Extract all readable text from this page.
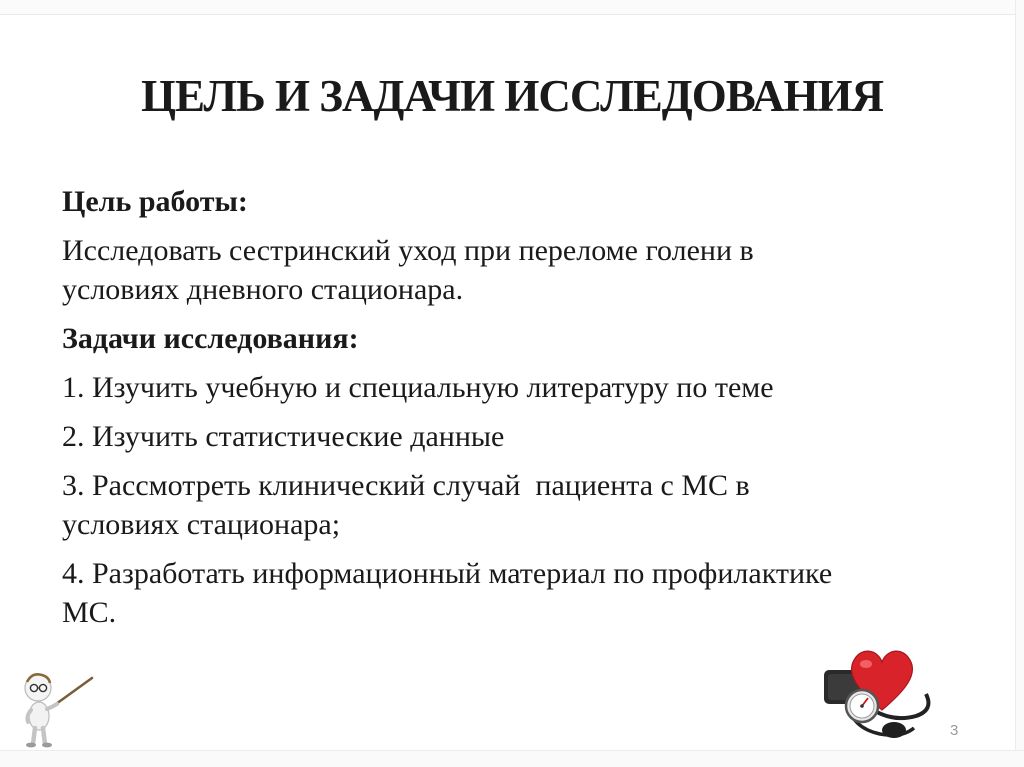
ЦЕЛЬ И ЗАДАЧИ ИССЛЕДОВАНИЯ

Цель работы:

Исследовать сестринский уход при переломе голени в
условиях дневного стационара.

Задачи исследования:

1. Изучить учебную и специальную литературу по теме

2. Изучить статистические данные

3. Рассмотреть клинический случай  пациента с МС в
условиях стационара;

4. Разработать информационный материал по профилактике
МС.

3
